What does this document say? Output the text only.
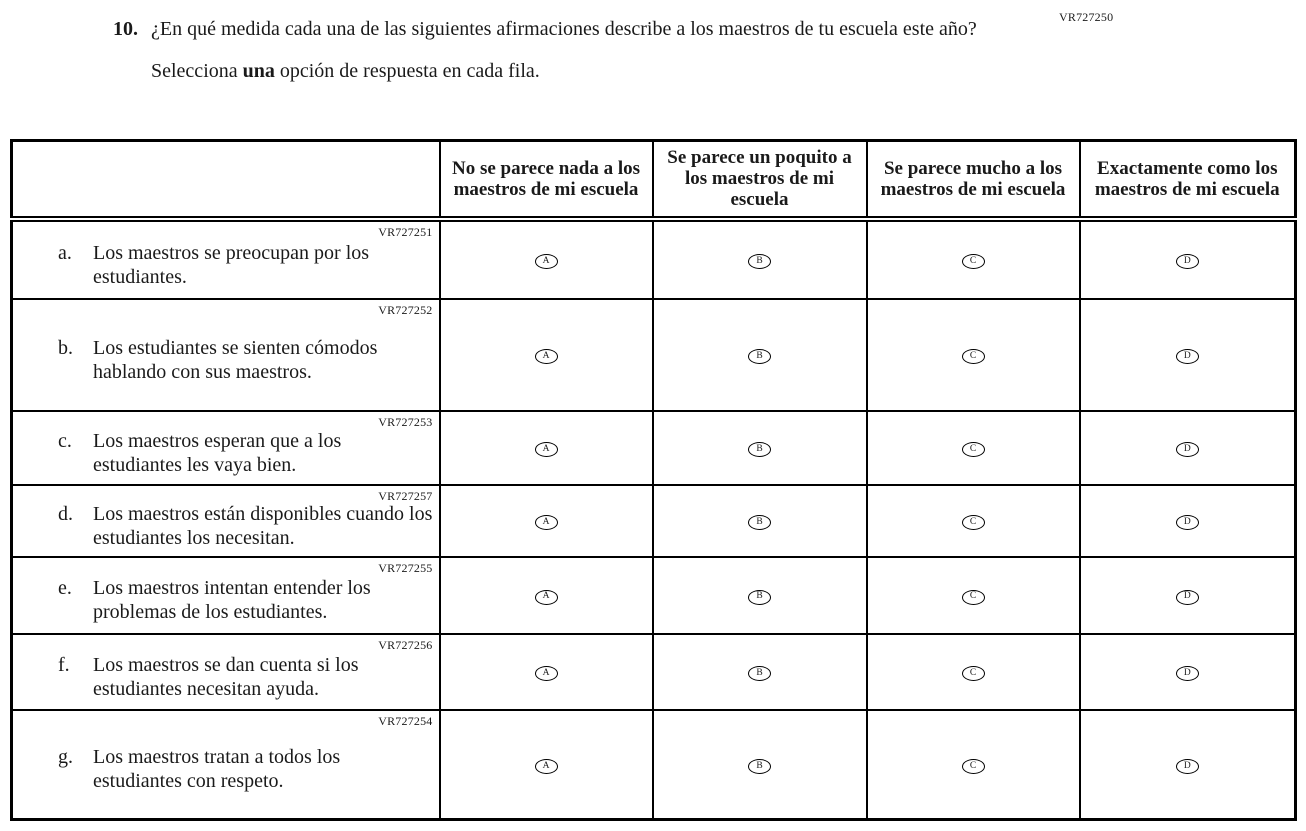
VR727250
10. ¿En qué medida cada una de las siguientes afirmaciones describe a los maestros de tu escuela este año?

Selecciona una opción de respuesta en cada fila.

	No se parece nada a los maestros de mi escuela	Se parece un poquito a los maestros de mi escuela	Se parece mucho a los maestros de mi escuela	Exactamente como los maestros de mi escuela

VR727251
a. Los maestros se preocupan por los estudiantes.	A	B	C	D

VR727252
b. Los estudiantes se sienten cómodos hablando con sus maestros.	A	B	C	D

VR727253
c. Los maestros esperan que a los estudiantes les vaya bien.	A	B	C	D

VR727257
d. Los maestros están disponibles cuando los estudiantes los necesitan.	A	B	C	D

VR727255
e. Los maestros intentan entender los problemas de los estudiantes.	A	B	C	D

VR727256
f. Los maestros se dan cuenta si los estudiantes necesitan ayuda.	A	B	C	D

VR727254
g. Los maestros tratan a todos los estudiantes con respeto.	A	B	C	D
